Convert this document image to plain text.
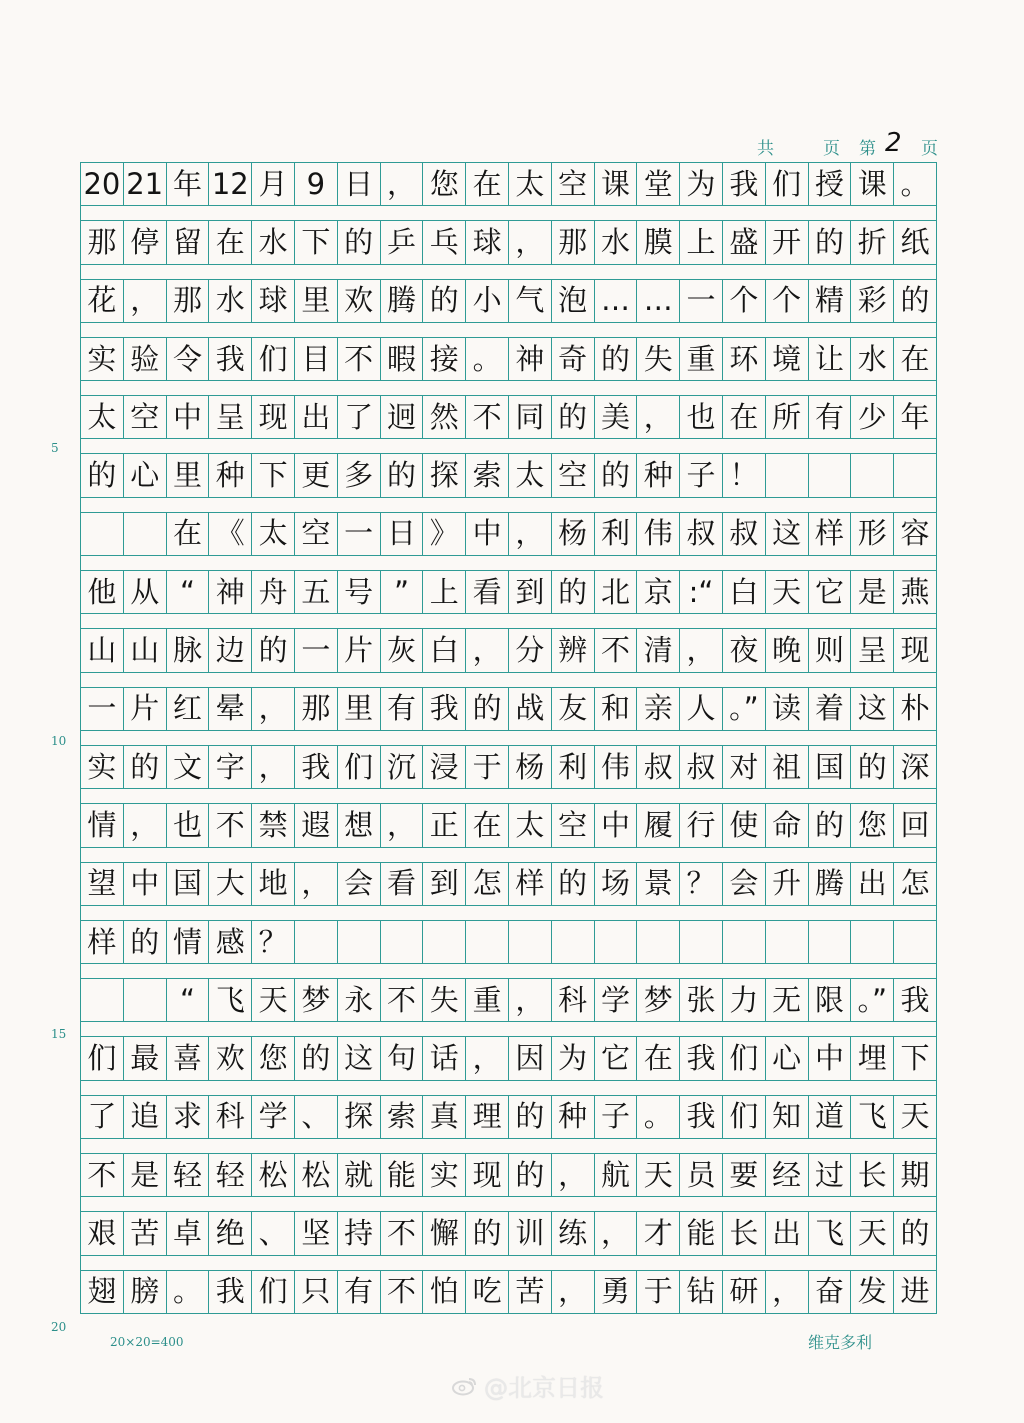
共	页 第 2 页
20 21 年 12 月 9 日 ， 您 在 太 空 课 堂 为 我 们 授 课 。
那 停 留 在 水 下 的 乒 乓 球 ， 那 水 膜 上 盛 开 的 折 纸
花 ， 那 水 球 里 欢 腾 的 小 气 泡 … … 一 个 个 精 彩 的
实 验 令 我 们 目 不 暇 接 。 神 奇 的 失 重 环 境 让 水 在
太 空 中 呈 现 出 了 迥 然 不 同 的 美 ， 也 在 所 有 少 年
的 心 里 种 下 更 多 的 探 索 太 空 的 种 子 ！
在 《 太 空 一 日 》 中 ， 杨 利 伟 叔 叔 这 样 形 容
他 从 “ 神 舟 五 号 ” 上 看 到 的 北 京 :“ 白 天 它 是 燕
山 山 脉 边 的 一 片 灰 白 ， 分 辨 不 清 ， 夜 晚 则 呈 现
一 片 红 晕 ， 那 里 有 我 的 战 友 和 亲 人 。” 读 着 这 朴
实 的 文 字 ， 我 们 沉 浸 于 杨 利 伟 叔 叔 对 祖 国 的 深
情 ， 也 不 禁 遐 想 ， 正 在 太 空 中 履 行 使 命 的 您 回
望 中 国 大 地 ， 会 看 到 怎 样 的 场 景 ？ 会 升 腾 出 怎
样 的 情 感 ？
“ 飞 天 梦 永 不 失 重 ， 科 学 梦 张 力 无 限 。” 我
们 最 喜 欢 您 的 这 句 话 ， 因 为 它 在 我 们 心 中 埋 下
了 追 求 科 学 、 探 索 真 理 的 种 子 。 我 们 知 道 飞 天
不 是 轻 轻 松 松 就 能 实 现 的 ， 航 天 员 要 经 过 长 期
艰 苦 卓 绝 、 坚 持 不 懈 的 训 练 ， 才 能 长 出 飞 天 的
翅 膀 。 我 们 只 有 不 怕 吃 苦 ， 勇 于 钻 研 ， 奋 发 进
5
10
15
20
20×20=400	维克多利
@北京日报
